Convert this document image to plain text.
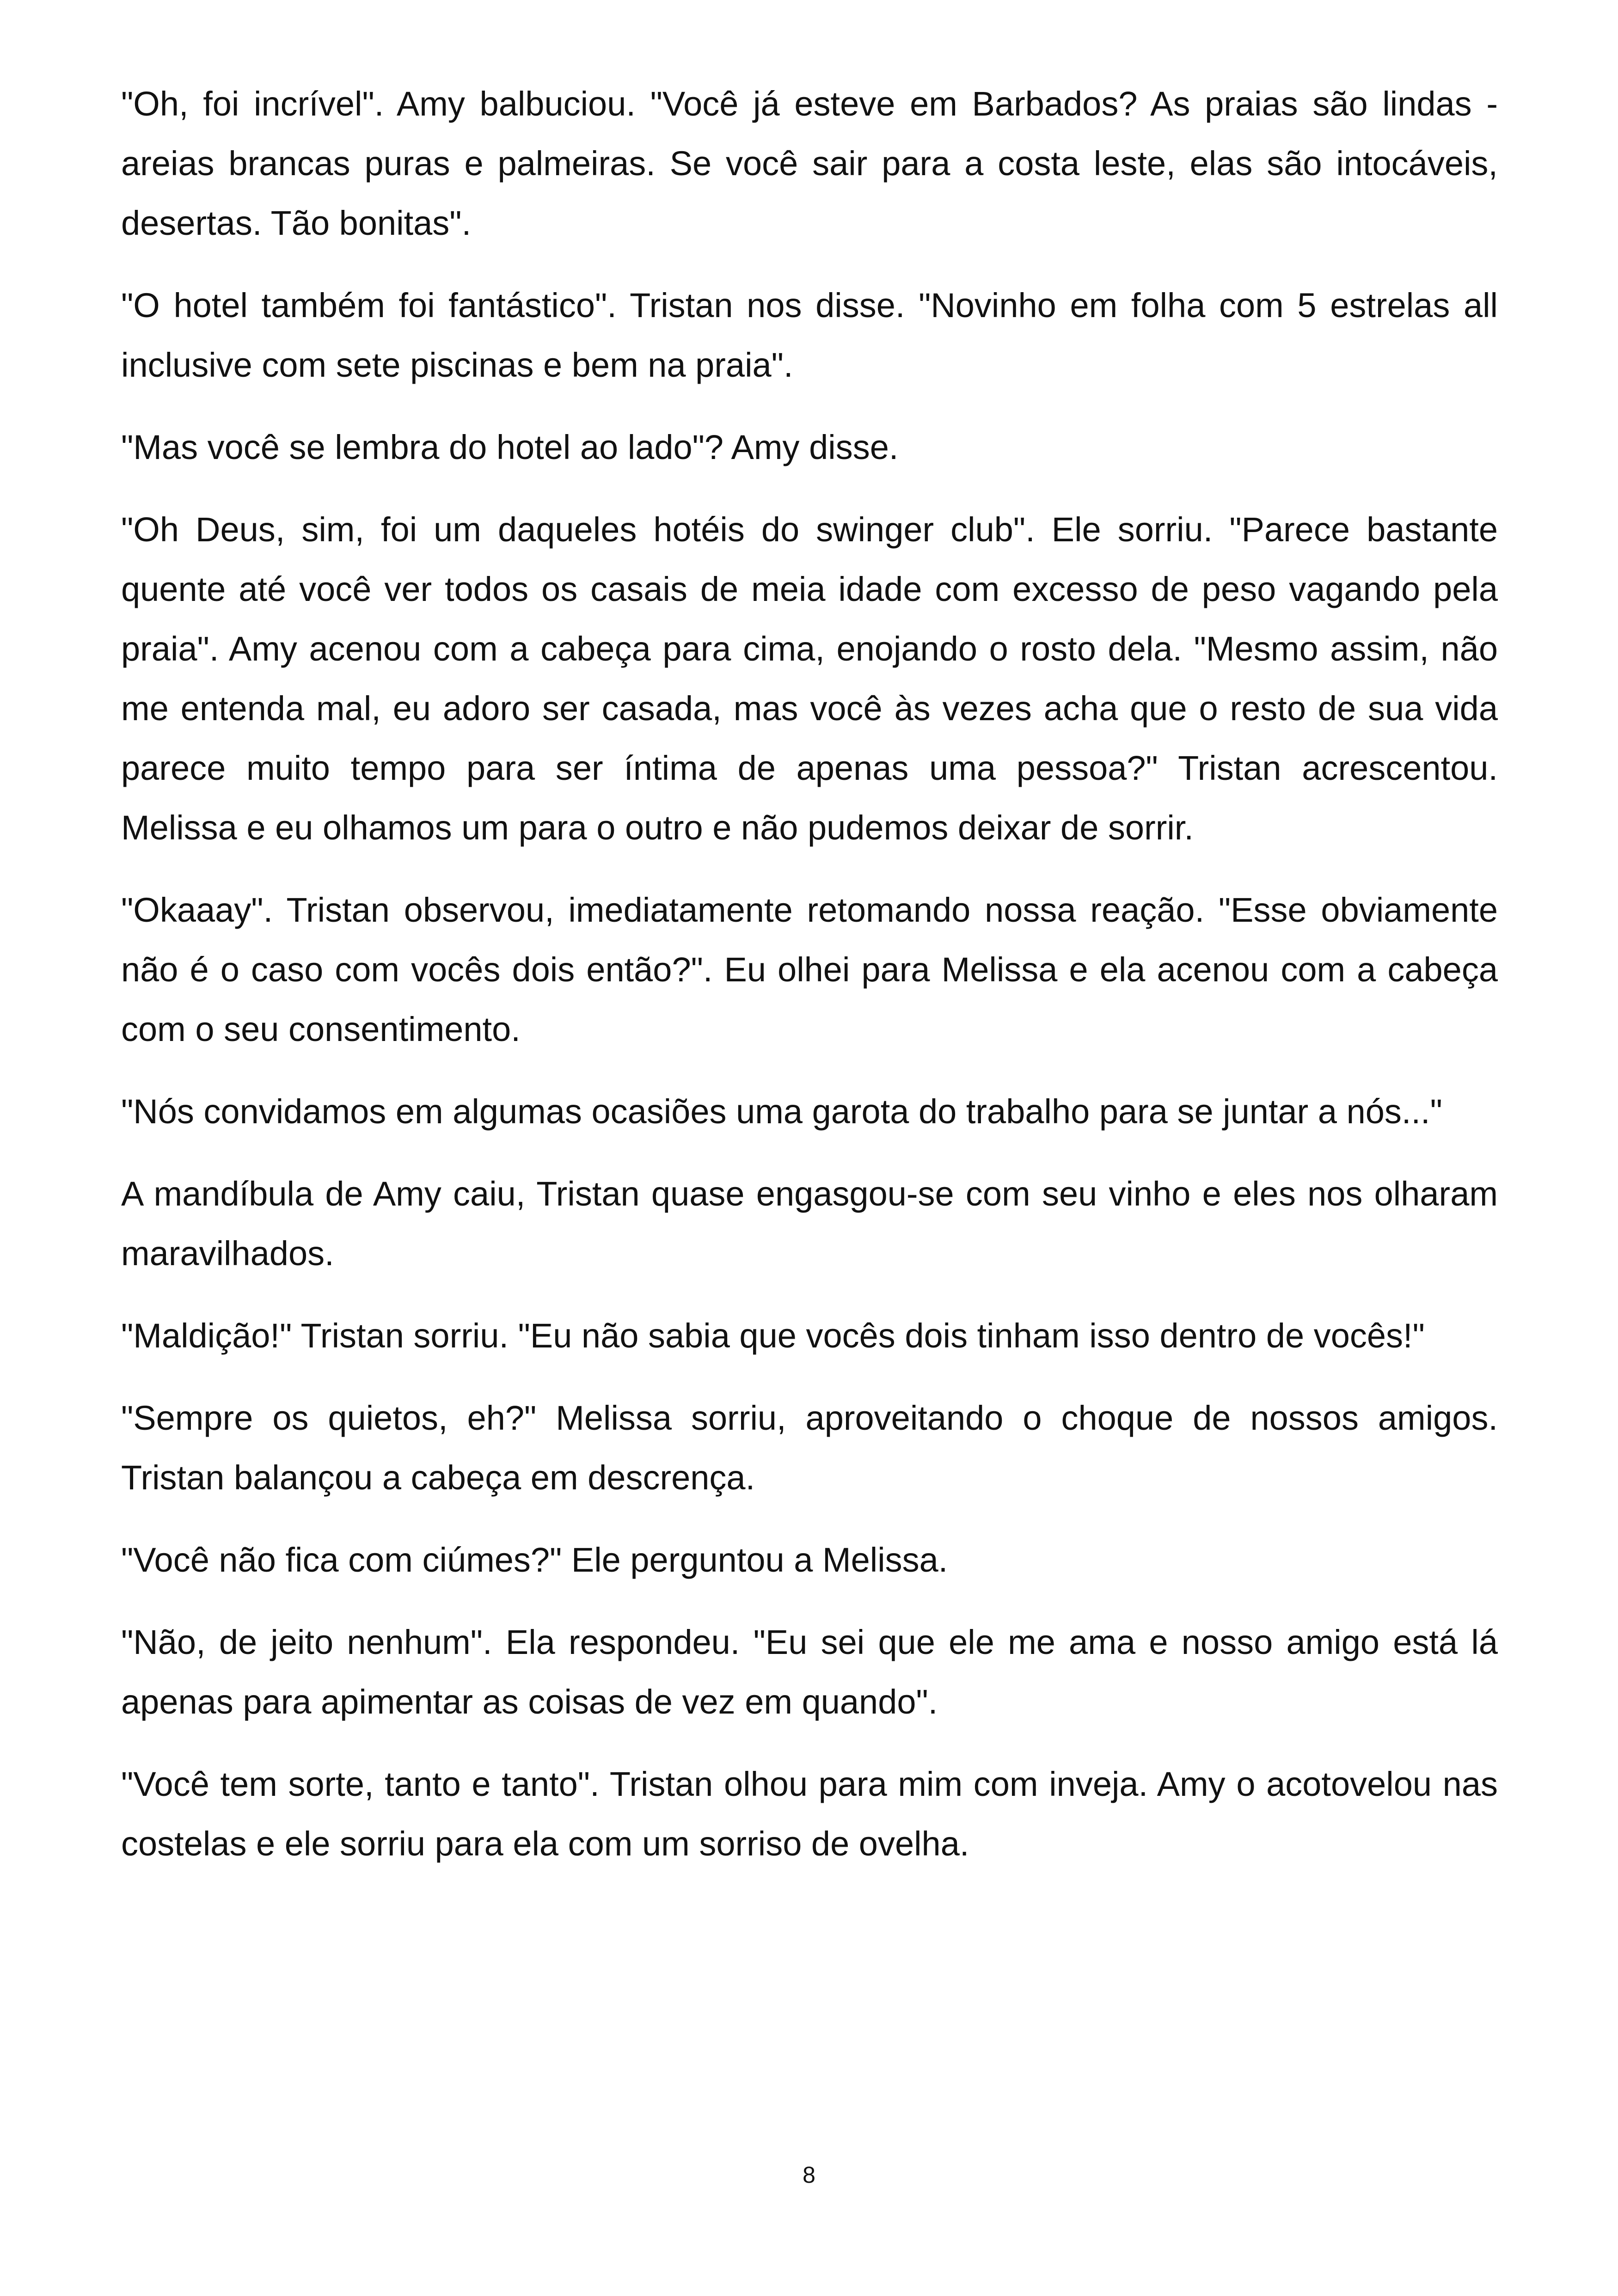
"Oh, foi incrível". Amy balbuciou. "Você já esteve em Barbados? As praias são lindas - areias brancas puras e palmeiras. Se você sair para a costa leste, elas são intocáveis, desertas. Tão bonitas".

"O hotel também foi fantástico". Tristan nos disse. "Novinho em folha com 5 estrelas all inclusive com sete piscinas e bem na praia".

"Mas você se lembra do hotel ao lado"? Amy disse.

"Oh Deus, sim, foi um daqueles hotéis do swinger club". Ele sorriu. "Parece bastante quente até você ver todos os casais de meia idade com excesso de peso vagando pela praia". Amy acenou com a cabeça para cima, enojando o rosto dela. "Mesmo assim, não me entenda mal, eu adoro ser casada, mas você às vezes acha que o resto de sua vida parece muito tempo para ser íntima de apenas uma pessoa?" Tristan acrescentou. Melissa e eu olhamos um para o outro e não pudemos deixar de sorrir.

"Okaaay". Tristan observou, imediatamente retomando nossa reação. "Esse obviamente não é o caso com vocês dois então?". Eu olhei para Melissa e ela acenou com a cabeça com o seu consentimento.

"Nós convidamos em algumas ocasiões uma garota do trabalho para se juntar a nós..."

A mandíbula de Amy caiu, Tristan quase engasgou-se com seu vinho e eles nos olharam maravilhados.

"Maldição!" Tristan sorriu. "Eu não sabia que vocês dois tinham isso dentro de vocês!"

"Sempre os quietos, eh?" Melissa sorriu, aproveitando o choque de nossos amigos. Tristan balançou a cabeça em descrença.

"Você não fica com ciúmes?" Ele perguntou a Melissa.

"Não, de jeito nenhum". Ela respondeu. "Eu sei que ele me ama e nosso amigo está lá apenas para apimentar as coisas de vez em quando".

"Você tem sorte, tanto e tanto". Tristan olhou para mim com inveja. Amy o acotovelou nas costelas e ele sorriu para ela com um sorriso de ovelha.

8
